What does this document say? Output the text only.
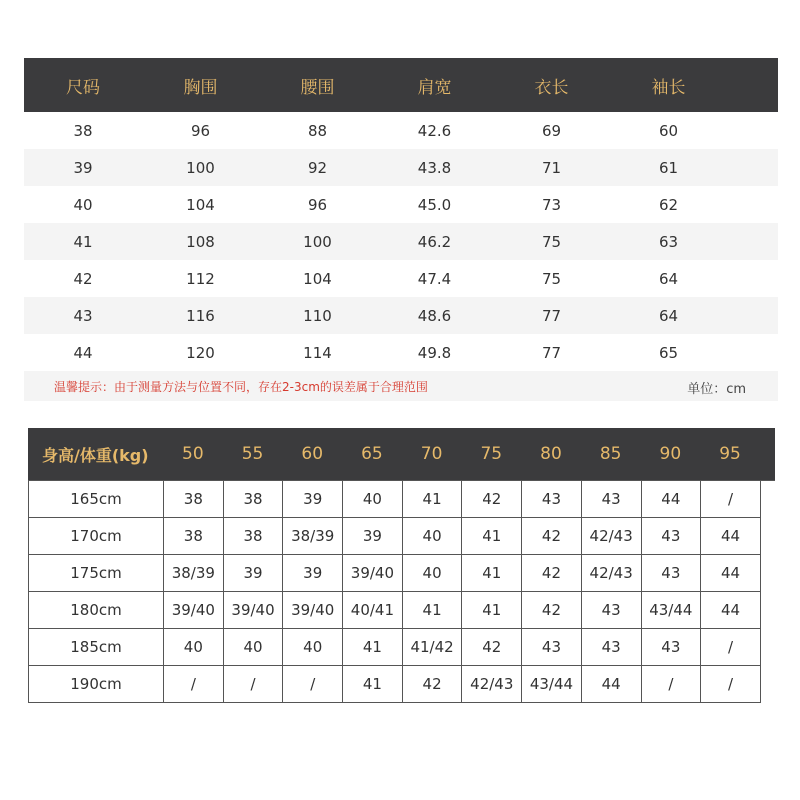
尺码	胸围	腰围	肩宽	衣长	袖长
38	96	88	42.6	69	60
39	100	92	43.8	71	61
40	104	96	45.0	73	62
41	108	100	46.2	75	63
42	112	104	47.4	75	64
43	116	110	48.6	77	64
44	120	114	49.8	77	65
温馨提示：由于测量方法与位置不同，存在2-3cm的误差属于合理范围	单位：cm
身高/体重(kg)	50	55	60	65	70	75	80	85	90	95
165cm	38	38	39	40	41	42	43	43	44	/
170cm	38	38	38/39	39	40	41	42	42/43	43	44
175cm	38/39	39	39	39/40	40	41	42	42/43	43	44
180cm	39/40	39/40	39/40	40/41	41	41	42	43	43/44	44
185cm	40	40	40	41	41/42	42	43	43	43	/
190cm	/	/	/	41	42	42/43	43/44	44	/	/
